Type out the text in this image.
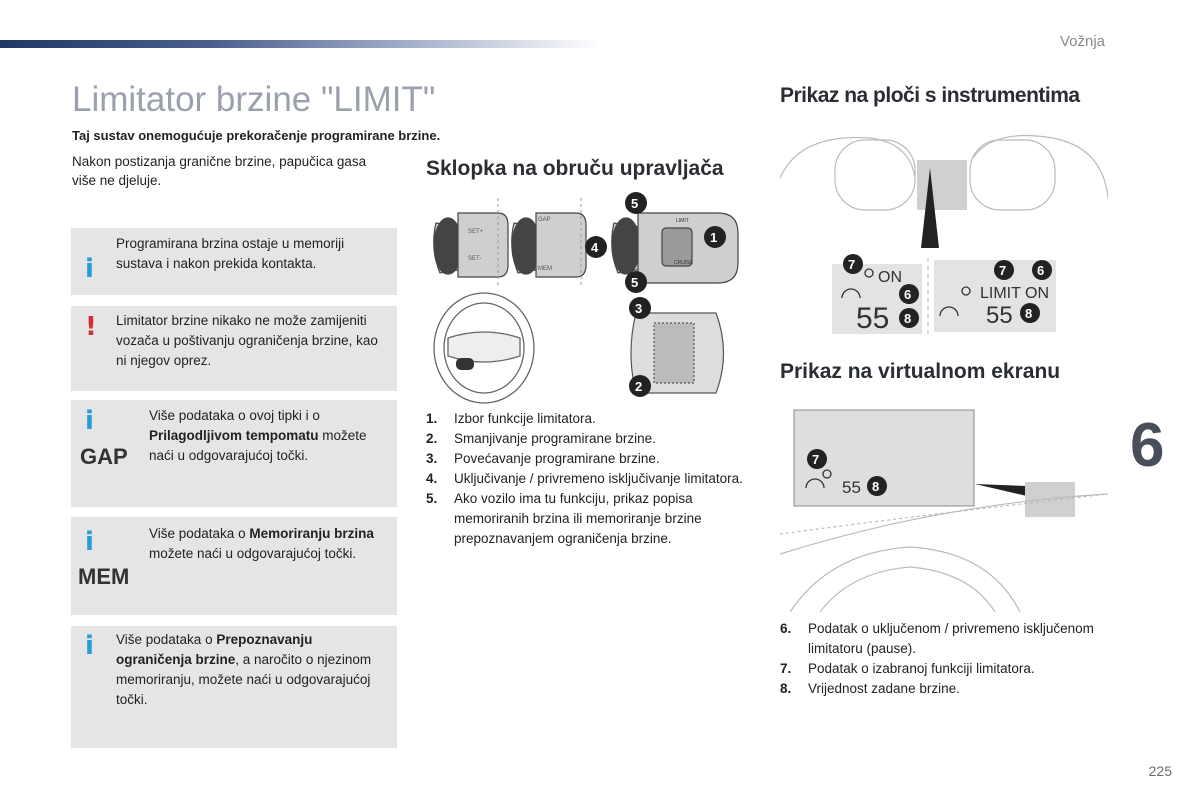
Vožnja
225
6
Limitator brzine "LIMIT"

Taj sustav onemogućuje prekoračenje programirane brzine.

Nakon postizanja granične brzine, papučica gasa više ne djeluje.

i
Programirana brzina ostaje u memoriji sustava i nakon prekida kontakta.
! Limitator brzine nikako ne može zamijeniti vozača u poštivanju ograničenja brzine, kao ni njegov oprez.
i
GAP
Više podataka o ovoj tipki i o Prilagodljivom tempomatu možete naći u odgovarajućoj točki.
i
MEM
Više podataka o Memoriranju brzina možete naći u odgovarajućoj točki.
i Više podataka o Prepoznavanju ograničenja brzine, a naročito o njezinom memoriranju, možete naći u odgovarajućoj točki.
Sklopka na obruču upravljača
SET+
SET-
GAP
MEM
LIMIT
CRUISE
5
4
1
5
3
2
1. Izbor funkcije limitatora.
2. Smanjivanje programirane brzine.
3. Povećavanje programirane brzine.
4. Uključivanje / privremeno isključivanje limitatora.
5. Ako vozilo ima tu funkciju, prikaz popisa memoriranih brzina ili memoriranje brzine prepoznavanjem ograničenja brzine.
Prikaz na ploči s instrumentima
ON
55
LIMIT ON
55
7
6
8
7 6
8
Prikaz na virtualnom ekranu
55
7
8
6. Podatak o uključenom / privremeno isključenom limitatoru (pause).
7. Podatak o izabranoj funkciji limitatora.
8. Vrijednost zadane brzine.
